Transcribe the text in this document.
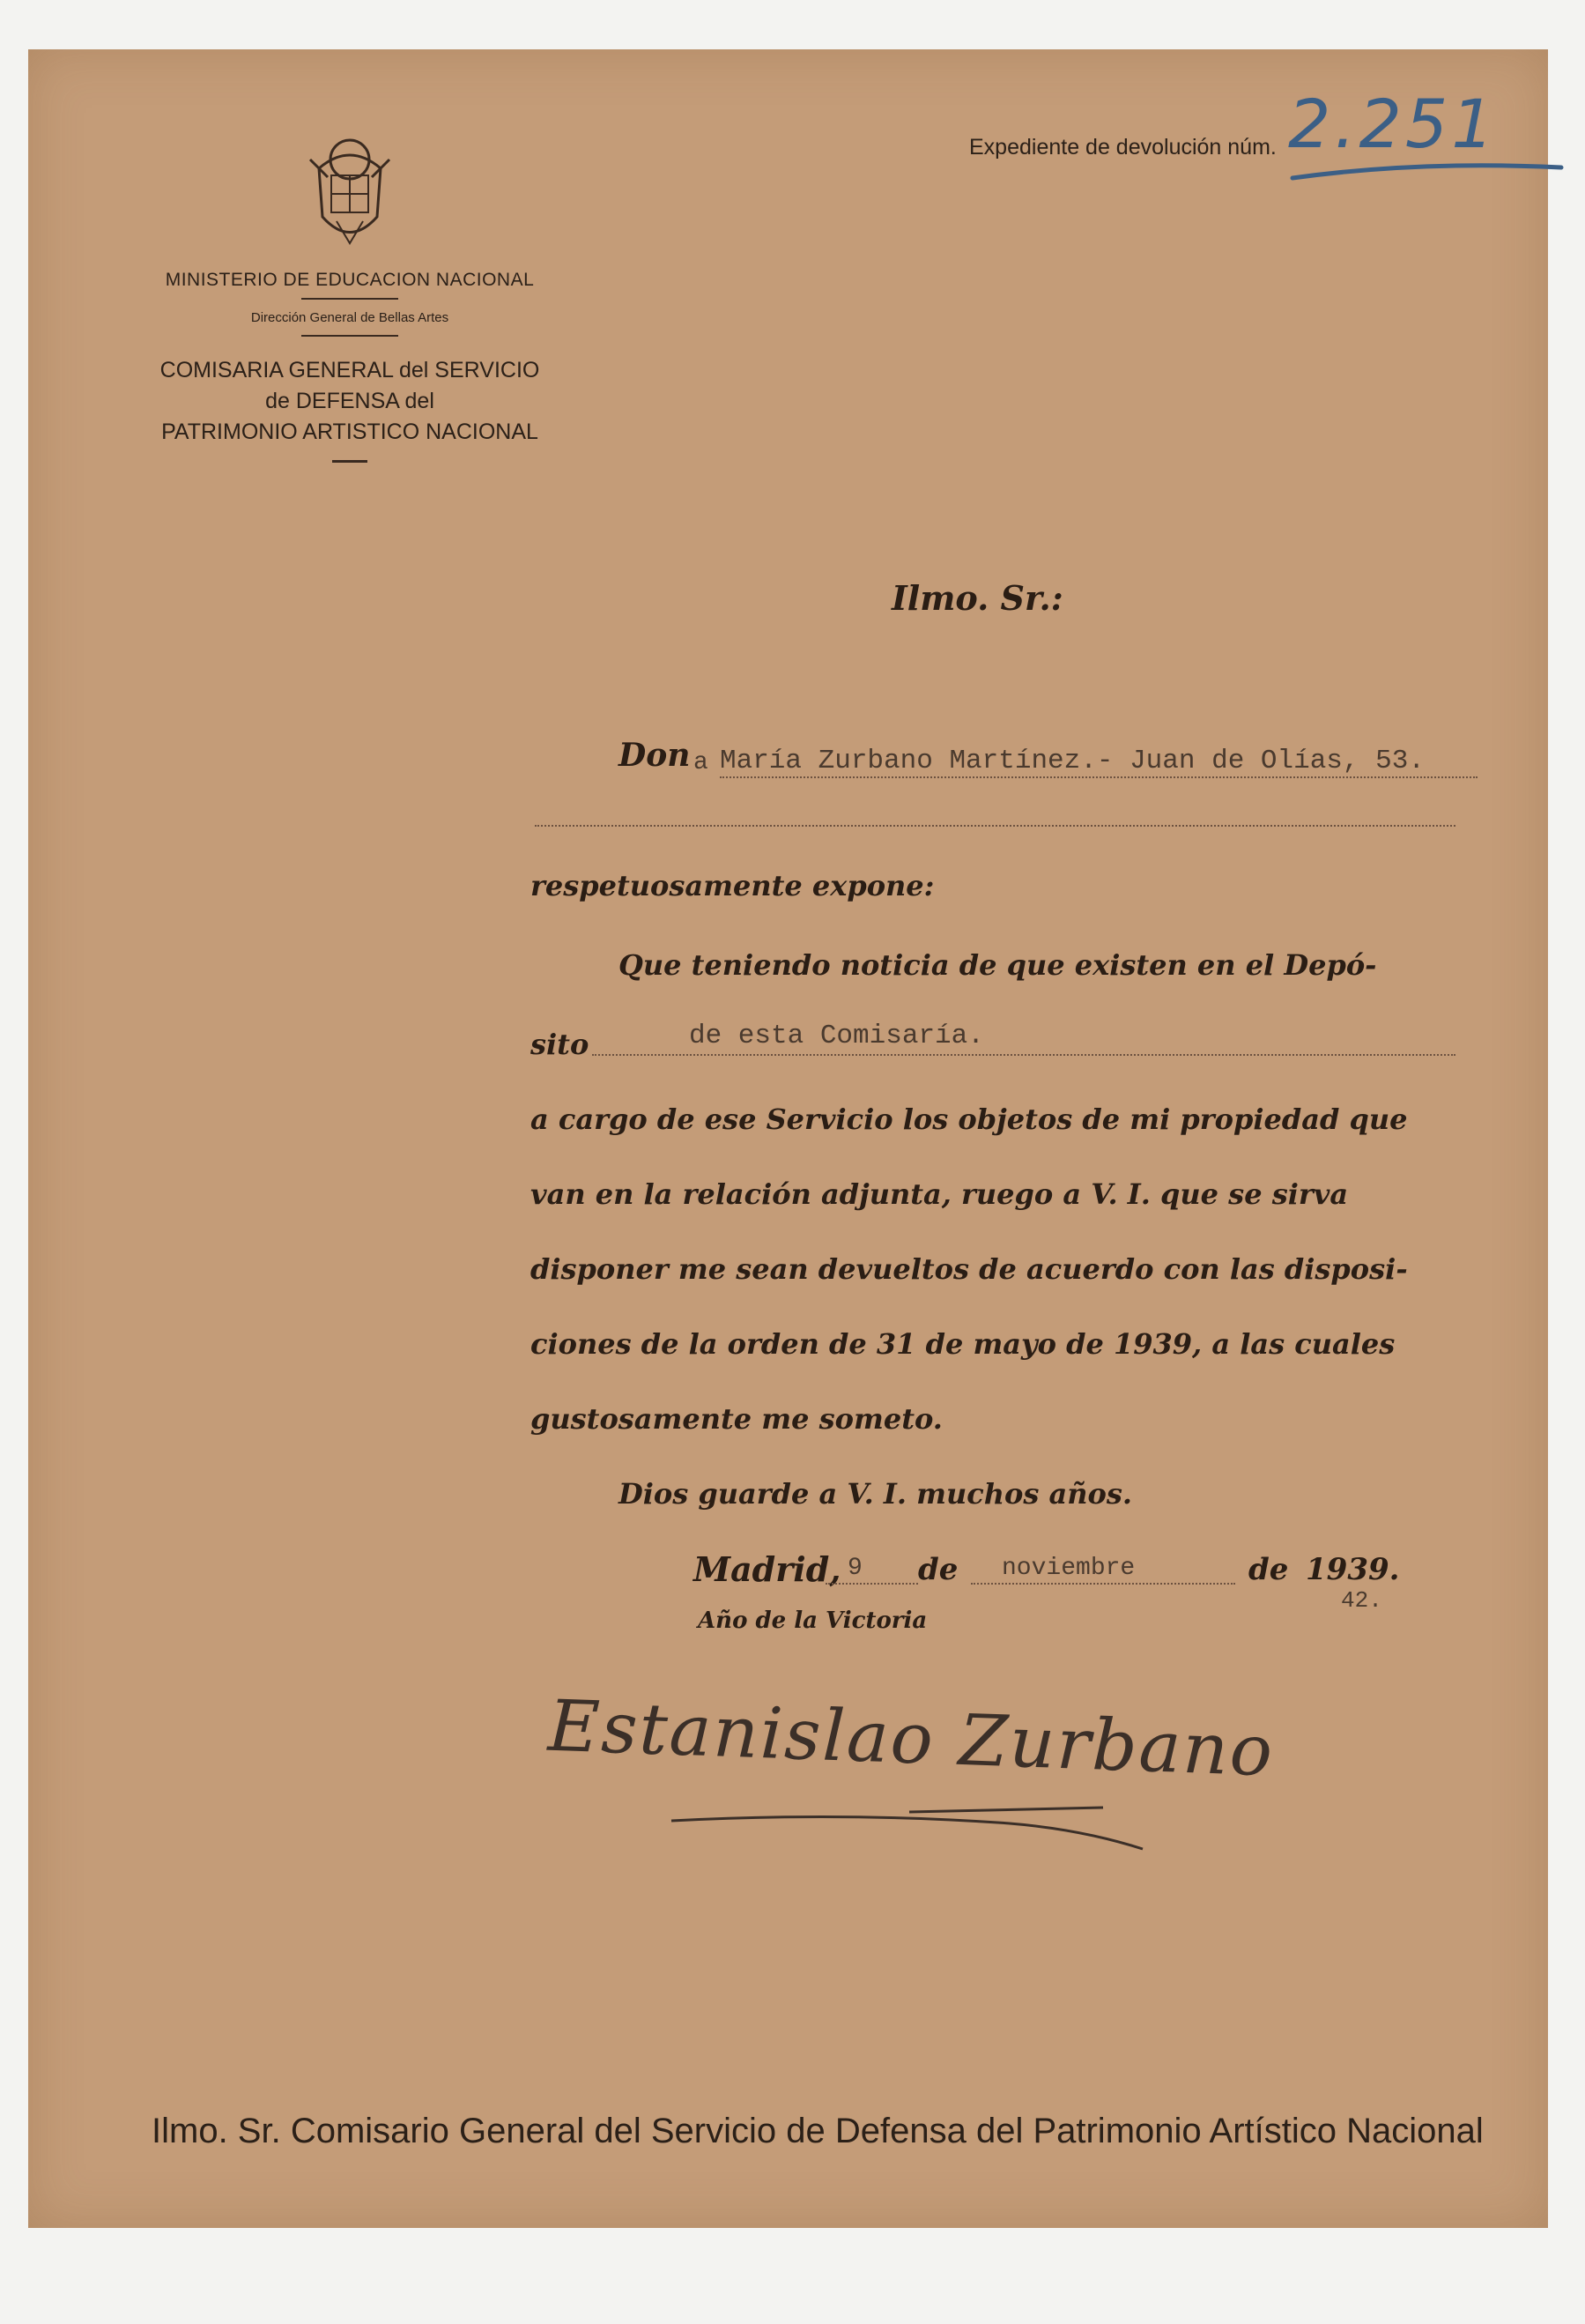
MINISTERIO DE EDUCACION NACIONAL
Dirección General de Bellas Artes
COMISARIA GENERAL del SERVICIO
de DEFENSA del
PATRIMONIO ARTISTICO NACIONAL
Expediente de devolución núm. 2.251
Ilmo. Sr.:
Don a María Zurbano Martínez.- Juan de Olías, 53.
respetuosamente expone:
Que teniendo noticia de que existen en el Depó-
sito	de esta Comisaría.
a cargo de ese Servicio los objetos de mi propiedad que
van en la relación adjunta, ruego a V. I. que se sirva
disponer me sean devueltos de acuerdo con las disposi-
ciones de la orden de 31 de mayo de 1939, a las cuales
gustosamente me someto.
Dios guarde a V. I. muchos años.
Madrid, 9 de noviembre	de 1939.
42.
Año de la Victoria
Estanislao Zurbano
Ilmo. Sr. Comisario General del Servicio de Defensa del Patrimonio Artístico Nacional
